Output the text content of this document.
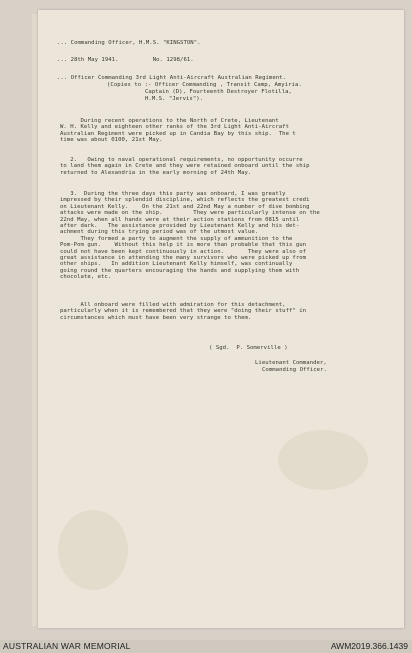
... Commanding Officer, H.M.S. "KINGSTON".
... 28th May 1941.          No. 1298/61.
... Officer Commanding 3rd Light Anti-Aircraft Australian Regiment.
(Copies to :- Officer Commanding , Transit Camp, Amyiria.
Captain (D), Fourteenth Destroyer Flotilla,
H.M.S. "Jervis").
During recent operations to the North of Crete, Lieutenant
W. H. Kelly and eighteen other ranks of the 3rd Light Anti-Aircraft
Australian Regiment were picked up in Candia Bay by this ship.  The t
time was about 0100, 21st May.
2.   Owing to naval operational requirements, no opportunity occurre
to land them again in Crete and they were retained onboard until the ship
returned to Alexandria in the early morning of 24th May.
3.  During the three days this party was onboard, I was greatly
impressed by their splendid discipline, which reflects the greatest credi
on Lieutenant Kelly.    On the 21st and 22nd May a number of dive bombing
attacks were made on the ship.         They were particularly intense on the
22nd May, when all hands were at their action stations from 0815 until
after dark.   The assistance provided by Lieutenant Kelly and his det-
achment during this trying period was of the utmost value.
They formed a party to augment the supply of ammunition to the
Pom-Pom gun.    Without this help it is more than probable that this gun
could not have been kept continuously in action.       They were also of
great assistance in attending the many survivors who were picked up from
other ships.   In addition Lieutenant Kelly himself, was continually
going round the quarters encouraging the hands and supplying them with
chocolate, etc.
All onboard were filled with admiration for this detachment,
particularly when it is remembered that they were "doing their stuff" in
circumstances which must have been very strange to them.
( Sgd.  P. Somerville )
Lieutenant Commander,
Commanding Officer.
AUSTRALIAN WAR MEMORIAL	AWM2019.366.1439
